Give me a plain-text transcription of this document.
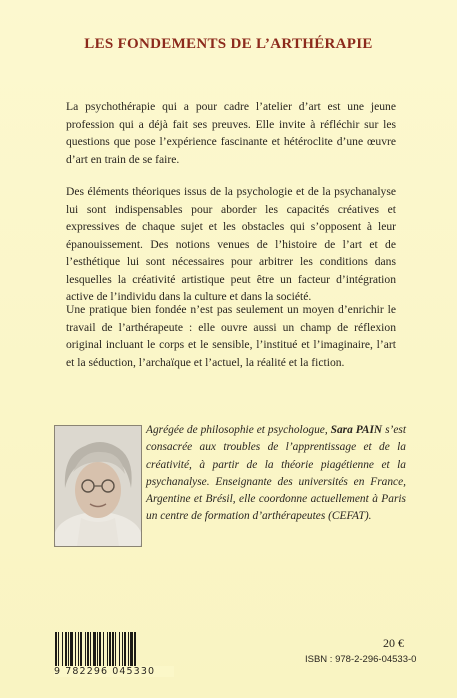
LES FONDEMENTS DE L’ARTHÉRAPIE

La psychothérapie qui a pour cadre l’atelier d’art est une jeune profession qui a déjà fait ses preuves. Elle invite à réfléchir sur les questions que pose l’expérience fascinante et hétéroclite d’une œuvre d’art en train de se faire.

Des éléments théoriques issus de la psychologie et de la psychanalyse lui sont indispensables pour aborder les capacités créatives et expressives de chaque sujet et les obstacles qui s’opposent à leur épanouissement. Des notions venues de l’histoire de l’art et de l’esthétique lui sont nécessaires pour arbitrer les conditions dans lesquelles la créativité artistique peut être un facteur d’intégration active de l’individu dans la culture et dans la société.

Une pratique bien fondée n’est pas seulement un moyen d’enrichir le travail de l’arthérapeute : elle ouvre aussi un champ de réflexion original incluant le corps et le sensible, l’institué et l’imaginaire, l’art et la séduction, l’archaïque et l’actuel, la réalité et la fiction.

Agrégée de philosophie et psychologue, Sara PAIN s’est consacrée aux troubles de l’apprentissage et de la créativité, à partir de la théorie piagétienne et la psychanalyse. Enseignante des universités en France, Argentine et Brésil, elle coordonne actuellement à Paris un centre de formation d’arthérapeutes (CEFAT).

9 782296 045330
20 €
ISBN : 978-2-296-04533-0
